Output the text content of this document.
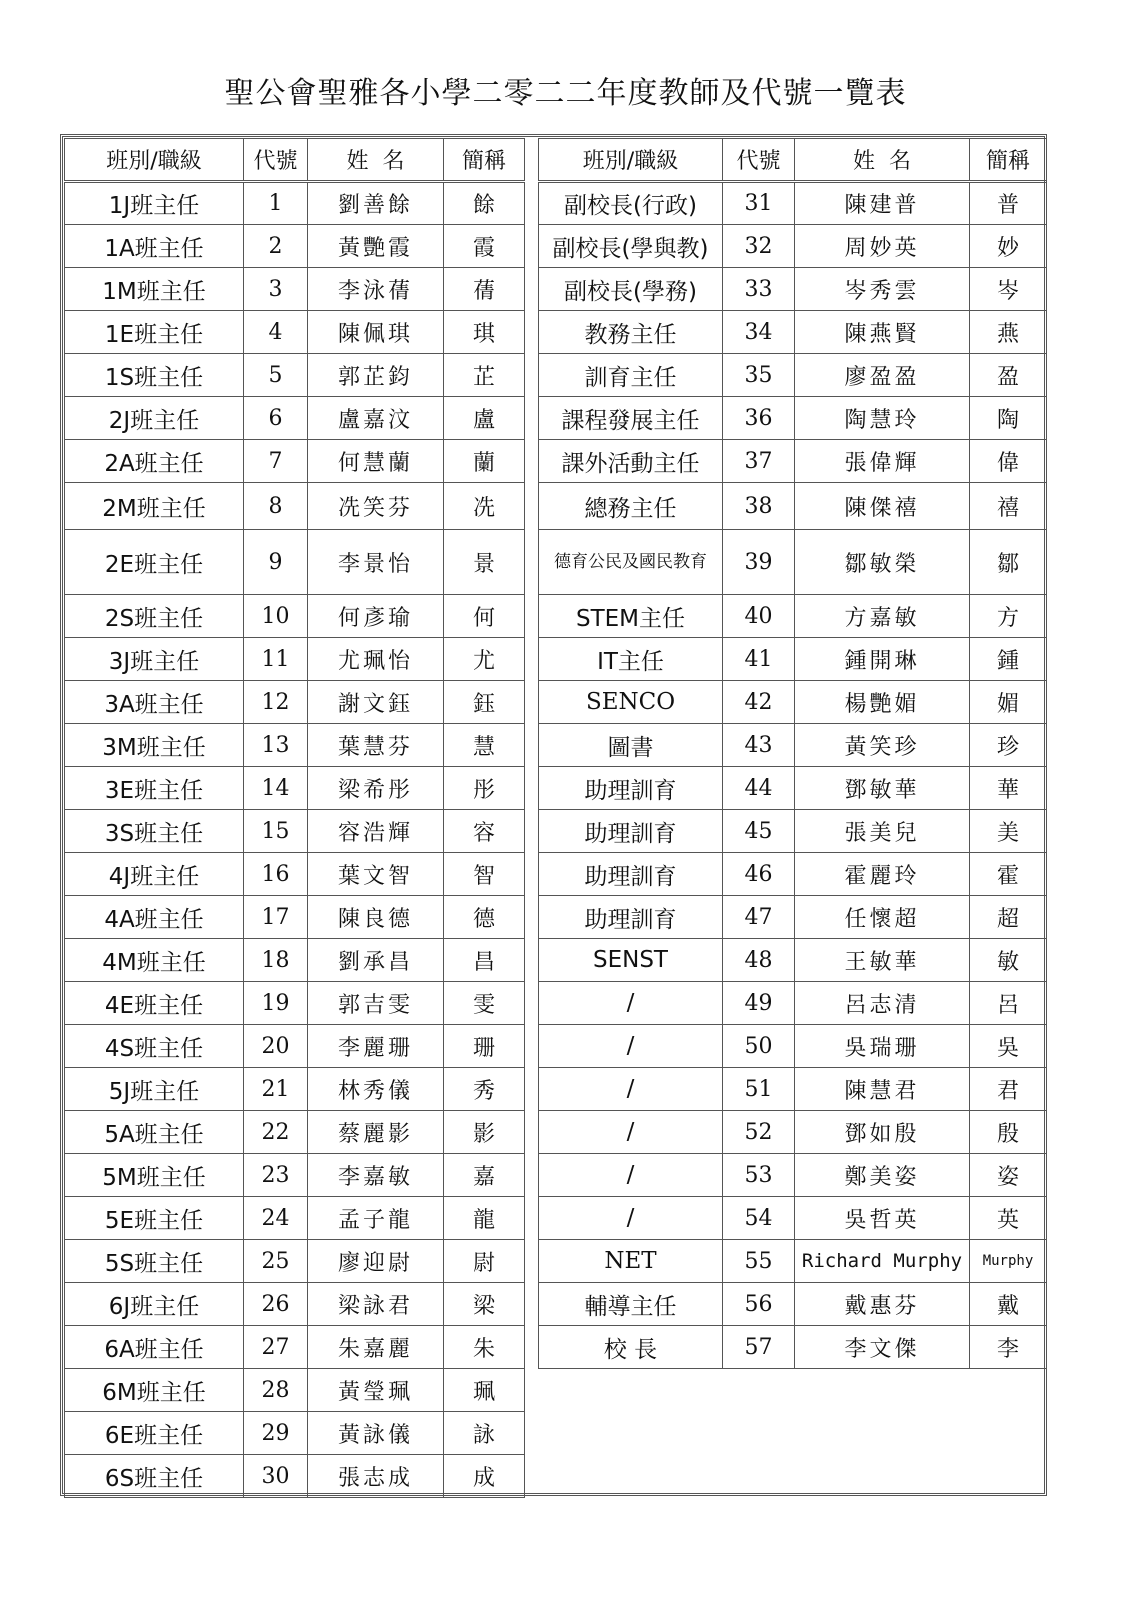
聖公會聖雅各小學二零二二年度教師及代號一覽表
班別/職級	代號	姓  名	簡稱
1J班主任	1	劉善餘	餘
1A班主任	2	黃艷霞	霞
1M班主任	3	李泳蒨	蒨
1E班主任	4	陳佩琪	琪
1S班主任	5	郭芷鈞	芷
2J班主任	6	盧嘉汶	盧
2A班主任	7	何慧蘭	蘭
2M班主任	8	冼笑芬	冼
2E班主任	9	李景怡	景
2S班主任	10	何彥瑜	何
3J班主任	11	尤珮怡	尤
3A班主任	12	謝文鈺	鈺
3M班主任	13	葉慧芬	慧
3E班主任	14	梁希彤	彤
3S班主任	15	容浩輝	容
4J班主任	16	葉文智	智
4A班主任	17	陳良德	德
4M班主任	18	劉承昌	昌
4E班主任	19	郭吉雯	雯
4S班主任	20	李麗珊	珊
5J班主任	21	林秀儀	秀
5A班主任	22	蔡麗影	影
5M班主任	23	李嘉敏	嘉
5E班主任	24	孟子龍	龍
5S班主任	25	廖迎尉	尉
6J班主任	26	梁詠君	梁
6A班主任	27	朱嘉麗	朱
6M班主任	28	黃瑩珮	珮
6E班主任	29	黃詠儀	詠
6S班主任	30	張志成	成
班別/職級	代號	姓  名	簡稱
副校長(行政)	31	陳建普	普
副校長(學與教)	32	周妙英	妙
副校長(學務)	33	岑秀雲	岑
教務主任	34	陳燕賢	燕
訓育主任	35	廖盈盈	盈
課程發展主任	36	陶慧玲	陶
課外活動主任	37	張偉輝	偉
總務主任	38	陳傑禧	禧
德育公民及國民教育	39	鄒敏榮	鄒
STEM主任	40	方嘉敏	方
IT主任	41	鍾開琳	鍾
SENCO	42	楊艷媚	媚
圖書	43	黃笑珍	珍
助理訓育	44	鄧敏華	華
助理訓育	45	張美兒	美
助理訓育	46	霍麗玲	霍
助理訓育	47	任懷超	超
SENST	48	王敏華	敏
/	49	呂志清	呂
/	50	吳瑞珊	吳
/	51	陳慧君	君
/	52	鄧如殷	殷
/	53	鄭美姿	姿
/	54	吳哲英	英
NET	55	Richard Murphy	Murphy
輔導主任	56	戴惠芬	戴
校 長	57	李文傑	李
